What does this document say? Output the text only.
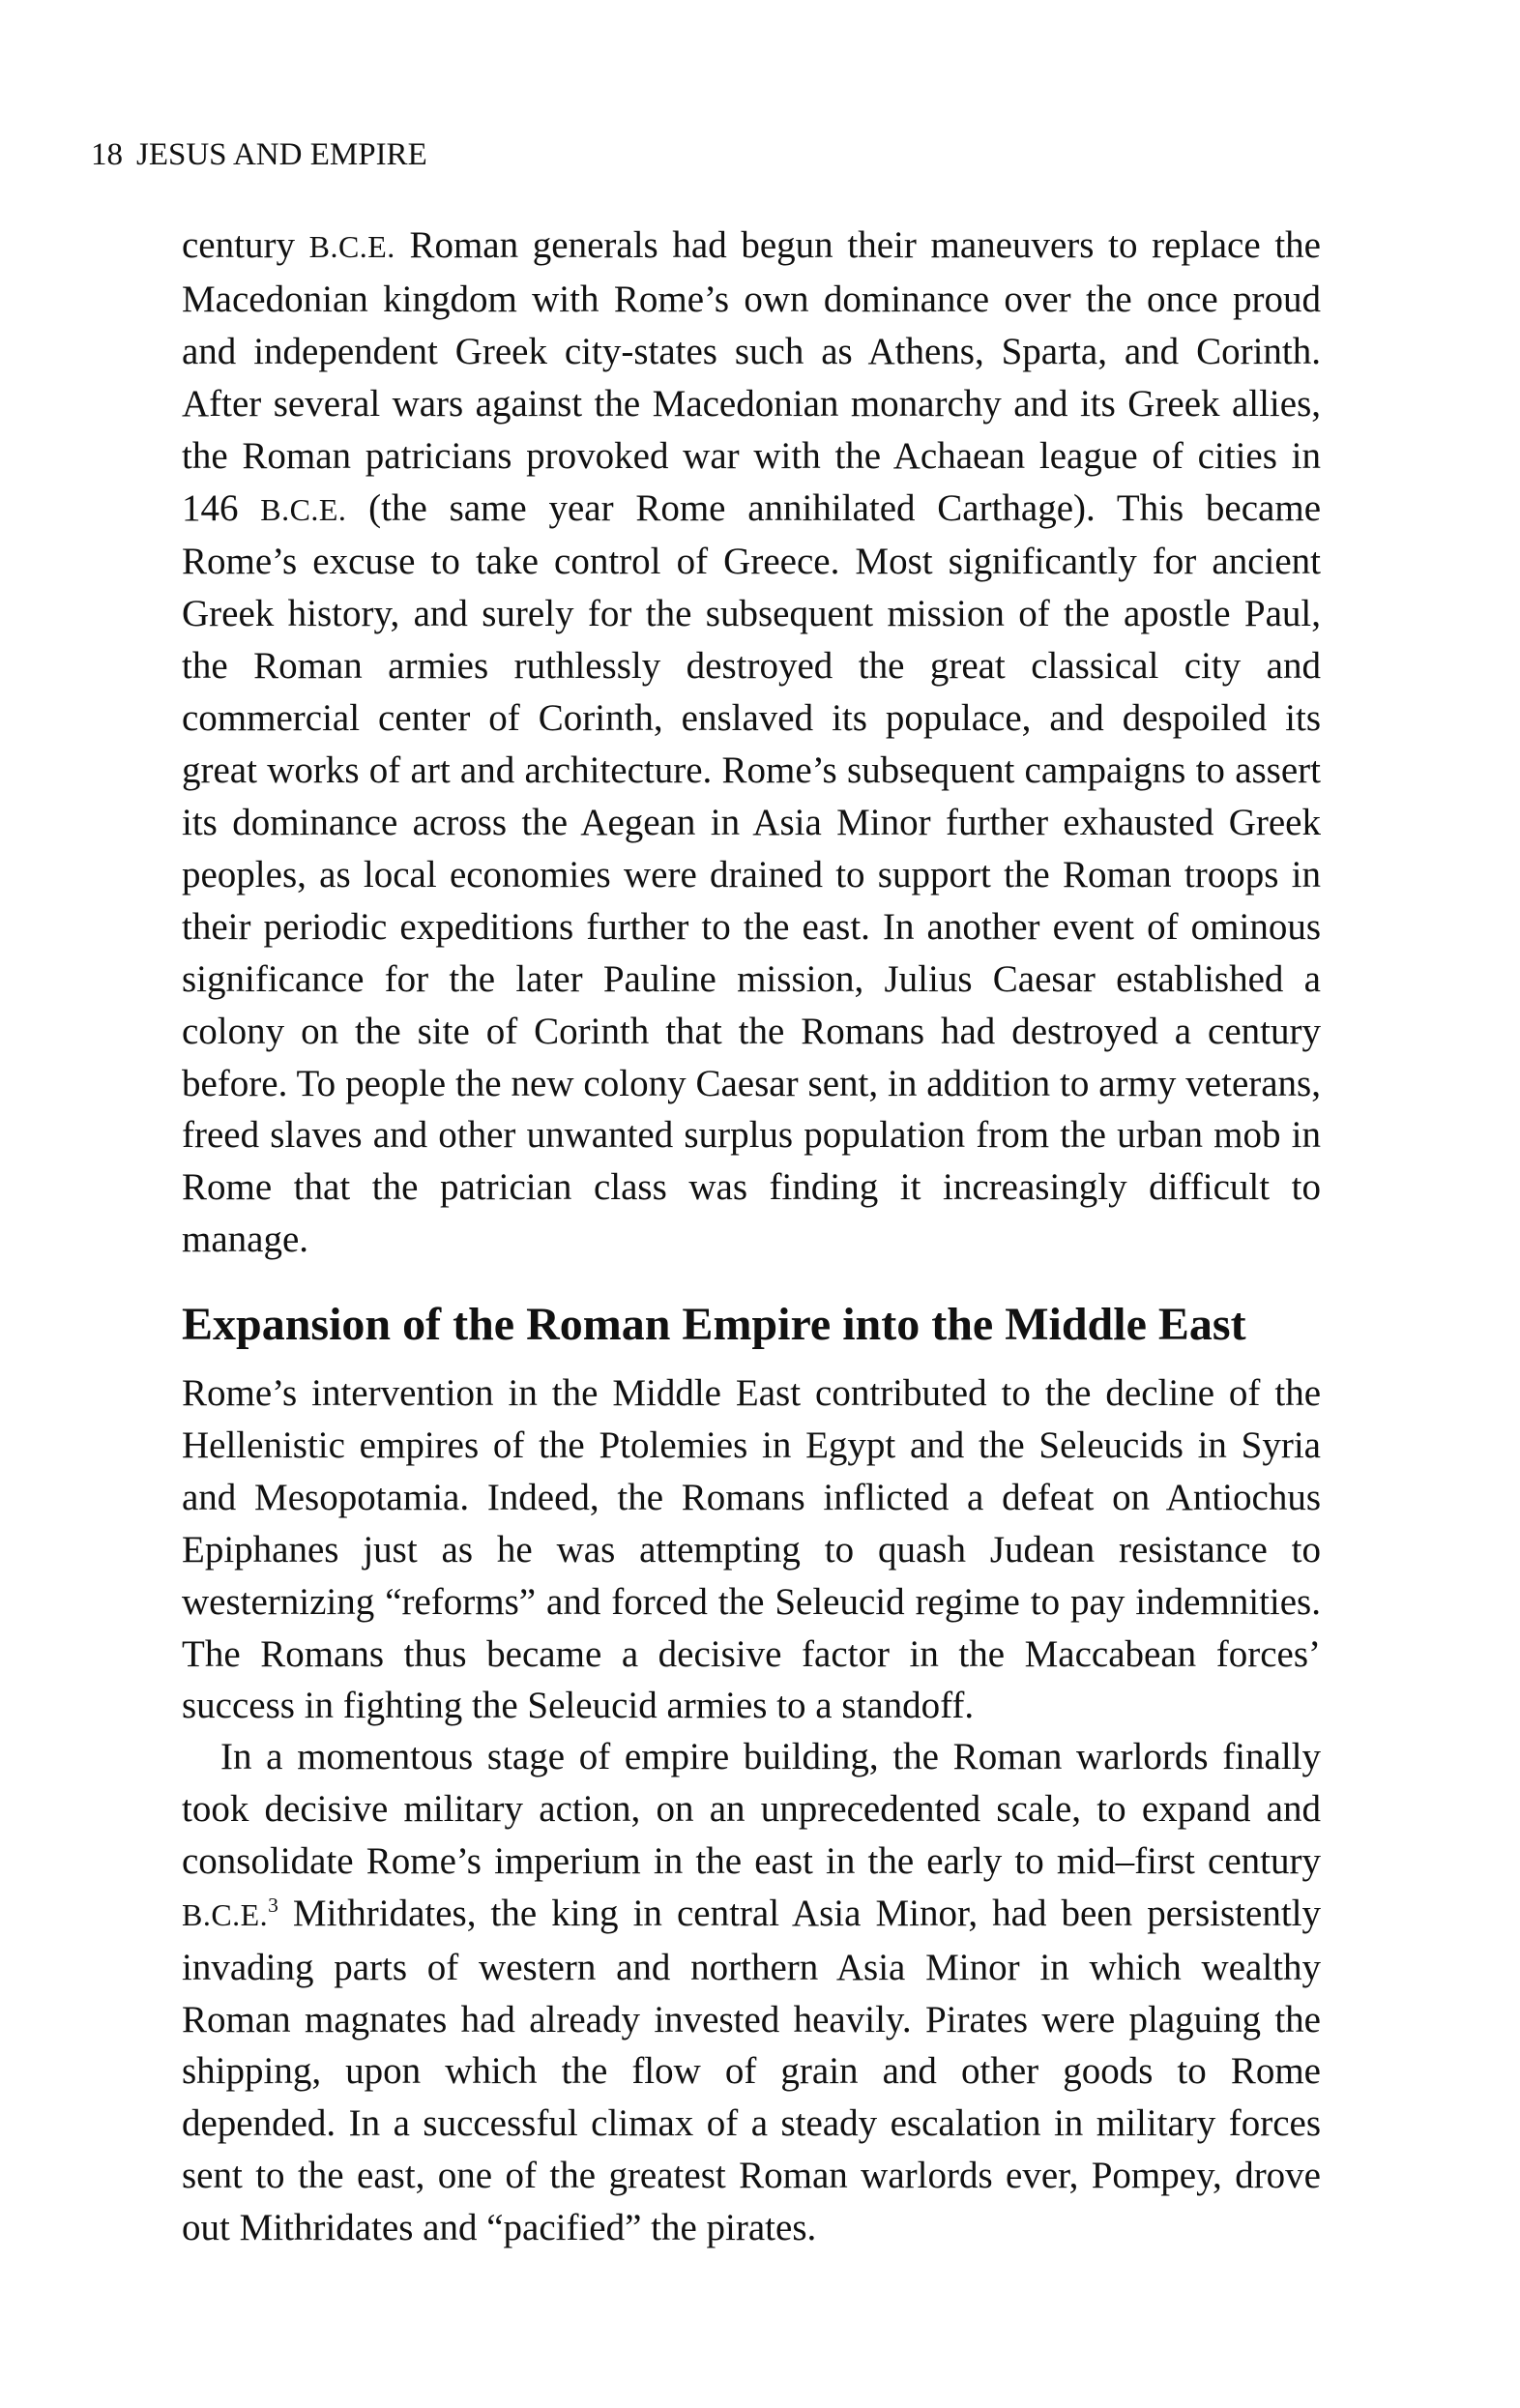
18 JESUS AND EMPIRE

century B.C.E. Roman generals had begun their maneuvers to replace the Macedonian kingdom with Rome’s own dominance over the once proud and independent Greek city-states such as Athens, Sparta, and Corinth. After several wars against the Macedonian monarchy and its Greek allies, the Roman patricians provoked war with the Achaean league of cities in 146 B.C.E. (the same year Rome annihilated Carthage). This became Rome’s excuse to take control of Greece. Most significantly for ancient Greek history, and surely for the subsequent mission of the apostle Paul, the Roman armies ruthlessly destroyed the great classical city and commercial center of Corinth, enslaved its populace, and despoiled its great works of art and architecture. Rome’s subsequent campaigns to assert its dominance across the Aegean in Asia Minor further exhausted Greek peoples, as local economies were drained to support the Roman troops in their periodic expeditions further to the east. In another event of ominous significance for the later Pauline mission, Julius Caesar established a colony on the site of Corinth that the Romans had destroyed a century before. To people the new colony Caesar sent, in addition to army veterans, freed slaves and other unwanted surplus population from the urban mob in Rome that the patrician class was finding it increasingly difficult to manage.

Expansion of the Roman Empire into the Middle East

Rome’s intervention in the Middle East contributed to the decline of the Hellenistic empires of the Ptolemies in Egypt and the Seleucids in Syria and Mesopotamia. Indeed, the Romans inflicted a defeat on Antiochus Epiphanes just as he was attempting to quash Judean resistance to westernizing “reforms” and forced the Seleucid regime to pay indemnities. The Romans thus became a decisive factor in the Maccabean forces’ success in fighting the Seleucid armies to a standoff.

In a momentous stage of empire building, the Roman warlords finally took decisive military action, on an unprecedented scale, to expand and consolidate Rome’s imperium in the east in the early to mid–first century B.C.E.$^3$ Mithridates, the king in central Asia Minor, had been persistently invading parts of western and northern Asia Minor in which wealthy Roman magnates had already invested heavily. Pirates were plaguing the shipping, upon which the flow of grain and other goods to Rome depended. In a successful climax of a steady escalation in military forces sent to the east, one of the greatest Roman warlords ever, Pompey, drove out Mithridates and “pacified” the pirates.
